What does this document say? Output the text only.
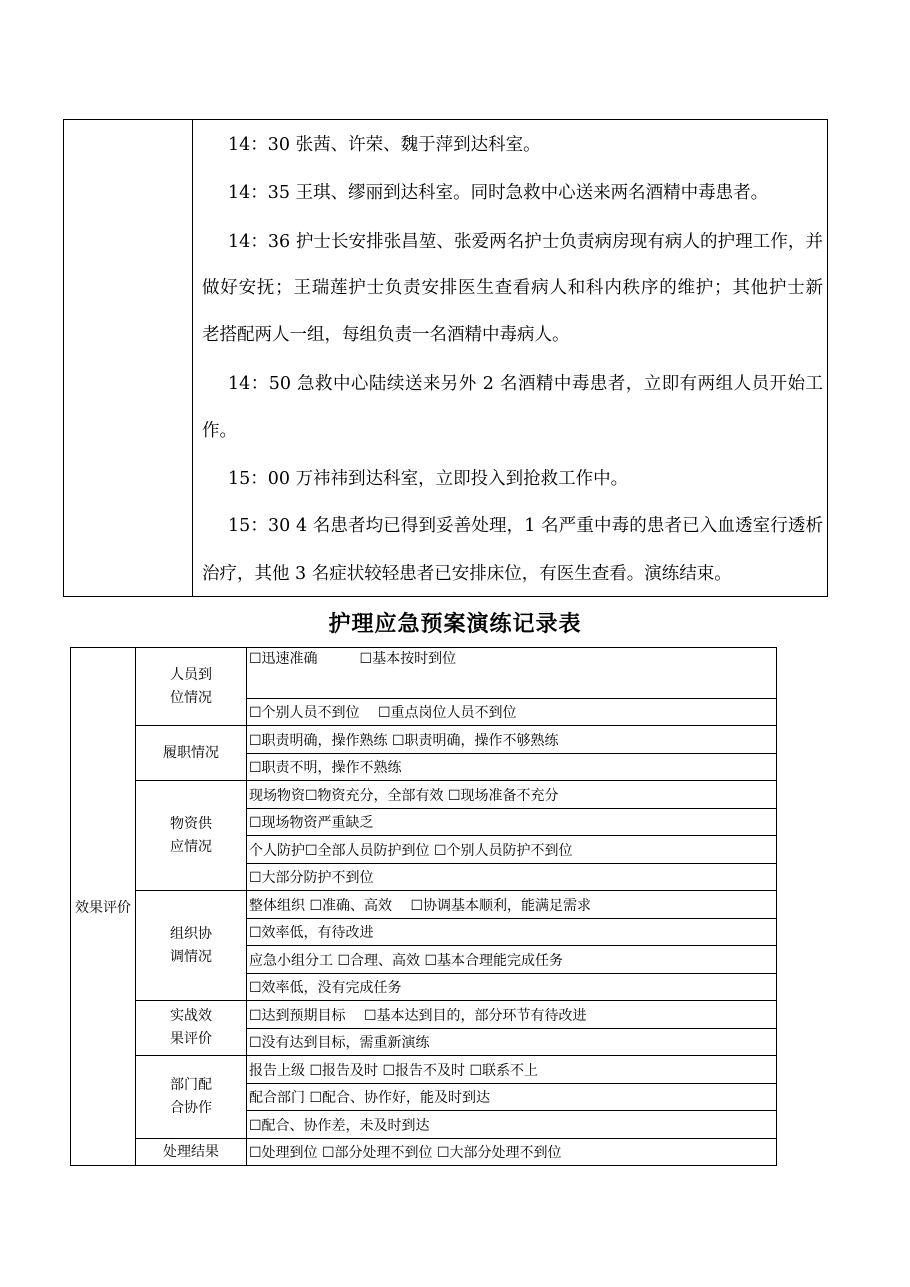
14：30 张茜、许荣、魏于萍到达科室。
14：35 王琪、缪丽到达科室。同时急救中心送来两名酒精中毒患者。
14：36 护士长安排张昌堃、张爱两名护士负责病房现有病人的护理工作，并
做好安抚；王瑞莲护士负责安排医生查看病人和科内秩序的维护；其他护士新
老搭配两人一组，每组负责一名酒精中毒病人。
14：50 急救中心陆续送来另外 2 名酒精中毒患者，立即有两组人员开始工
作。
15：00 万祎祎到达科室，立即投入到抢救工作中。
15：30 4 名患者均已得到妥善处理，1 名严重中毒的患者已入血透室行透析
治疗，其他 3 名症状较轻患者已安排床位，有医生查看。演练结束。
护理应急预案演练记录表
效果评价	人员到
位情况	☐迅速准确　　　☐基本按时到位
		☐个别人员不到位　 ☐重点岗位人员不到位
	履职情况	☐职责明确，操作熟练 ☐职责明确，操作不够熟练
		☐职责不明，操作不熟练
	物资供
应情况	现场物资☐物资充分，全部有效 ☐现场准备不充分
		☐现场物资严重缺乏
		个人防护☐全部人员防护到位 ☐个别人员防护不到位
		☐大部分防护不到位
	组织协
调情况	整体组织 ☐准确、高效　 ☐协调基本顺利，能满足需求
		☐效率低，有待改进
		应急小组分工 ☐合理、高效 ☐基本合理能完成任务
		☐效率低，没有完成任务
	实战效
果评价	☐达到预期目标　 ☐基本达到目的，部分环节有待改进
		☐没有达到目标，需重新演练
	部门配
合协作	报告上级 ☐报告及时 ☐报告不及时 ☐联系不上
		配合部门 ☐配合、协作好，能及时到达
		☐配合、协作差，未及时到达
	处理结果	☐处理到位 ☐部分处理不到位 ☐大部分处理不到位
